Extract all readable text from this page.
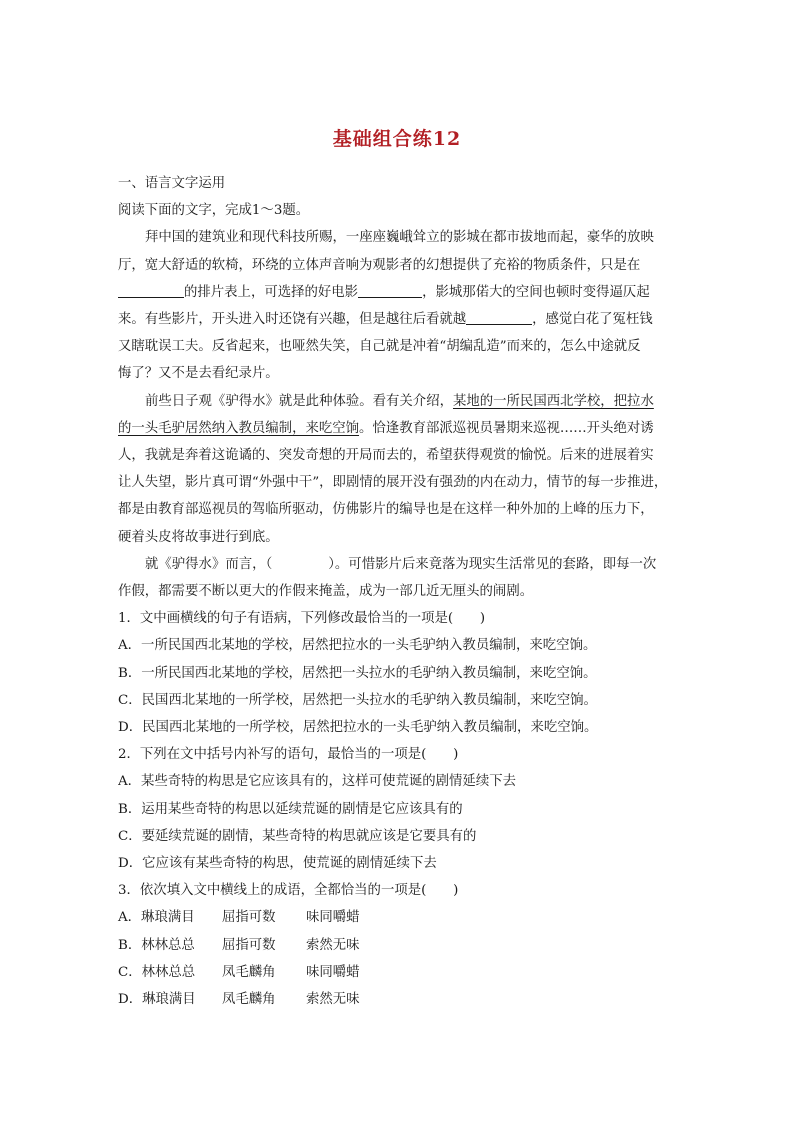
基础组合练12
一、语言文字运用
阅读下面的文字，完成1～3题。
拜中国的建筑业和现代科技所赐，一座座巍峨耸立的影城在都市拔地而起，豪华的放映
厅，宽大舒适的软椅，环绕的立体声音响为观影者的幻想提供了充裕的物质条件，只是在
的排片表上，可选择的好电影	，影城那偌大的空间也顿时变得逼仄起
来。有些影片，开头进入时还饶有兴趣，但是越往后看就越	，感觉白花了冤枉钱
又瞎耽误工夫。反省起来，也哑然失笑，自己就是冲着“胡编乱造”而来的，怎么中途就反
悔了？又不是去看纪录片。
前些日子观《驴得水》就是此种体验。看有关介绍，某地的一所民国西北学校，把拉水
的一头毛驴居然纳入教员编制，来吃空饷。恰逢教育部派巡视员暑期来巡视……开头绝对诱
人，我就是奔着这诡谲的、突发奇想的开局而去的，希望获得观赏的愉悦。后来的进展着实
让人失望，影片真可谓“外强中干”，即剧情的展开没有强劲的内在动力，情节的每一步推进，
都是由教育部巡视员的驾临所驱动，仿佛影片的编导也是在这样一种外加的上峰的压力下，
硬着头皮将故事进行到底。
就《驴得水》而言，（	）。可惜影片后来竟落为现实生活常见的套路，即每一次
作假，都需要不断以更大的作假来掩盖，成为一部几近无厘头的闹剧。
1．文中画横线的句子有语病，下列修改最恰当的一项是(　　)
A．一所民国西北某地的学校，居然把拉水的一头毛驴纳入教员编制，来吃空饷。
B．一所民国西北某地的学校，居然把一头拉水的毛驴纳入教员编制，来吃空饷。
C．民国西北某地的一所学校，居然把一头拉水的毛驴纳入教员编制，来吃空饷。
D．民国西北某地的一所学校，居然把拉水的一头毛驴纳入教员编制，来吃空饷。
2．下列在文中括号内补写的语句，最恰当的一项是(　　)
A．某些奇特的构思是它应该具有的，这样可使荒诞的剧情延续下去
B．运用某些奇特的构思以延续荒诞的剧情是它应该具有的
C．要延续荒诞的剧情，某些奇特的构思就应该是它要具有的
D．它应该有某些奇特的构思，使荒诞的剧情延续下去
3．依次填入文中横线上的成语，全都恰当的一项是(　　)
A．琳琅满目	屈指可数	味同嚼蜡
B．林林总总	屈指可数	索然无味
C．林林总总	凤毛麟角	味同嚼蜡
D．琳琅满目	凤毛麟角	索然无味
